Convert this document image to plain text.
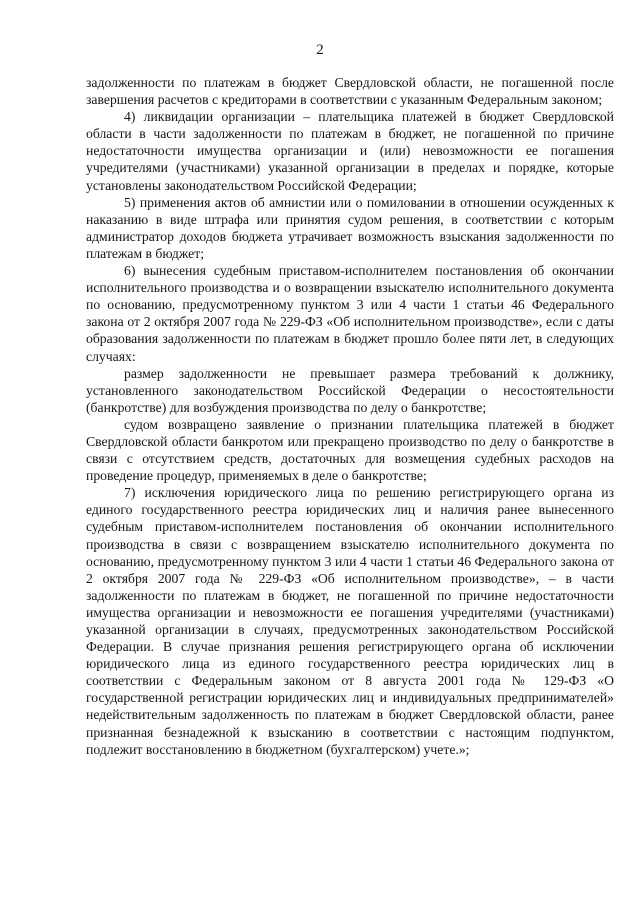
2

задолженности по платежам в бюджет Свердловской области, не погашенной после завершения расчетов с кредиторами в соответствии с указанным Федеральным законом;

4) ликвидации организации – плательщика платежей в бюджет Свердловской области в части задолженности по платежам в бюджет, не погашенной по причине недостаточности имущества организации и (или) невозможности ее погашения учредителями (участниками) указанной организации в пределах и порядке, которые установлены законодательством Российской Федерации;

5) применения актов об амнистии или о помиловании в отношении осужденных к наказанию в виде штрафа или принятия судом решения, в соответствии с которым администратор доходов бюджета утрачивает возможность взыскания задолженности по платежам в бюджет;

6) вынесения судебным приставом-исполнителем постановления об окончании исполнительного производства и о возвращении взыскателю исполнительного документа по основанию, предусмотренному пунктом 3 или 4 части 1 статьи 46 Федерального закона от 2 октября 2007 года № 229-ФЗ «Об исполнительном производстве», если с даты образования задолженности по платежам в бюджет прошло более пяти лет, в следующих случаях:

размер задолженности не превышает размера требований к должнику, установленного законодательством Российской Федерации о несостоятельности (банкротстве) для возбуждения производства по делу о банкротстве;

судом возвращено заявление о признании плательщика платежей в бюджет Свердловской области банкротом или прекращено производство по делу о банкротстве в связи с отсутствием средств, достаточных для возмещения судебных расходов на проведение процедур, применяемых в деле о банкротстве;

7) исключения юридического лица по решению регистрирующего органа из единого государственного реестра юридических лиц и наличия ранее вынесенного судебным приставом-исполнителем постановления об окончании исполнительного производства в связи с возвращением взыскателю исполнительного документа по основанию, предусмотренному пунктом 3 или 4 части 1 статьи 46 Федерального закона от 2 октября 2007 года № 229-ФЗ «Об исполнительном производстве», – в части задолженности по платежам в бюджет, не погашенной по причине недостаточности имущества организации и невозможности ее погашения учредителями (участниками) указанной организации в случаях, предусмотренных законодательством Российской Федерации. В случае признания решения регистрирующего органа об исключении юридического лица из единого государственного реестра юридических лиц в соответствии с Федеральным законом от 8 августа 2001 года № 129-ФЗ «О государственной регистрации юридических лиц и индивидуальных предпринимателей» недействительным задолженность по платежам в бюджет Свердловской области, ранее признанная безнадежной к взысканию в соответствии с настоящим подпунктом, подлежит восстановлению в бюджетном (бухгалтерском) учете.»;
